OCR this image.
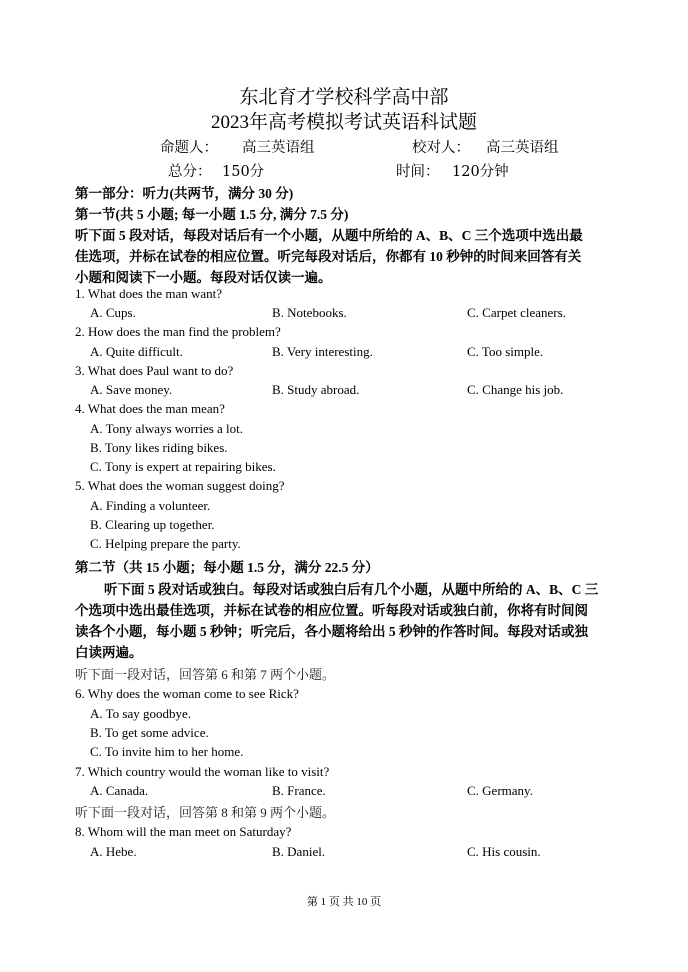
东北育才学校科学高中部
2023年高考模拟考试英语科试题
命题人： 高三英语组	校对人： 高三英语组
总分： 150分	时间： 120分钟
第一部分：听力(共两节，满分 30 分)
第一节(共 5 小题; 每一小题 1.5 分, 满分 7.5 分)
听下面 5 段对话，每段对话后有一个小题，从题中所给的 A、B、C 三个选项中选出最
佳选项，并标在试卷的相应位置。听完每段对话后，你都有 10 秒钟的时间来回答有关
小题和阅读下一小题。每段对话仅读一遍。
1. What does the man want?
A. Cups.	B. Notebooks.	C. Carpet cleaners.
2. How does the man find the problem?
A. Quite difficult.	B. Very interesting.	C. Too simple.
3. What does Paul want to do?
A. Save money.	B. Study abroad.	C. Change his job.
4. What does the man mean?
A. Tony always worries a lot.
B. Tony likes riding bikes.
C. Tony is expert at repairing bikes.
5. What does the woman suggest doing?
A. Finding a volunteer.
B. Clearing up together.
C. Helping prepare the party.
第二节（共 15 小题；每小题 1.5 分，满分 22.5 分）
听下面 5 段对话或独白。每段对话或独白后有几个小题，从题中所给的 A、B、C 三
个选项中选出最佳选项，并标在试卷的相应位置。听每段对话或独白前，你将有时间阅
读各个小题，每小题 5 秒钟；听完后，各小题将给出 5 秒钟的作答时间。每段对话或独
白读两遍。
听下面一段对话，回答第 6 和第 7 两个小题。
6. Why does the woman come to see Rick?
A. To say goodbye.
B. To get some advice.
C. To invite him to her home.
7. Which country would the woman like to visit?
A. Canada.	B. France.	C. Germany.
听下面一段对话，回答第 8 和第 9 两个小题。
8. Whom will the man meet on Saturday?
A. Hebe.	B. Daniel.	C. His cousin.
第 1 页 共 10 页
